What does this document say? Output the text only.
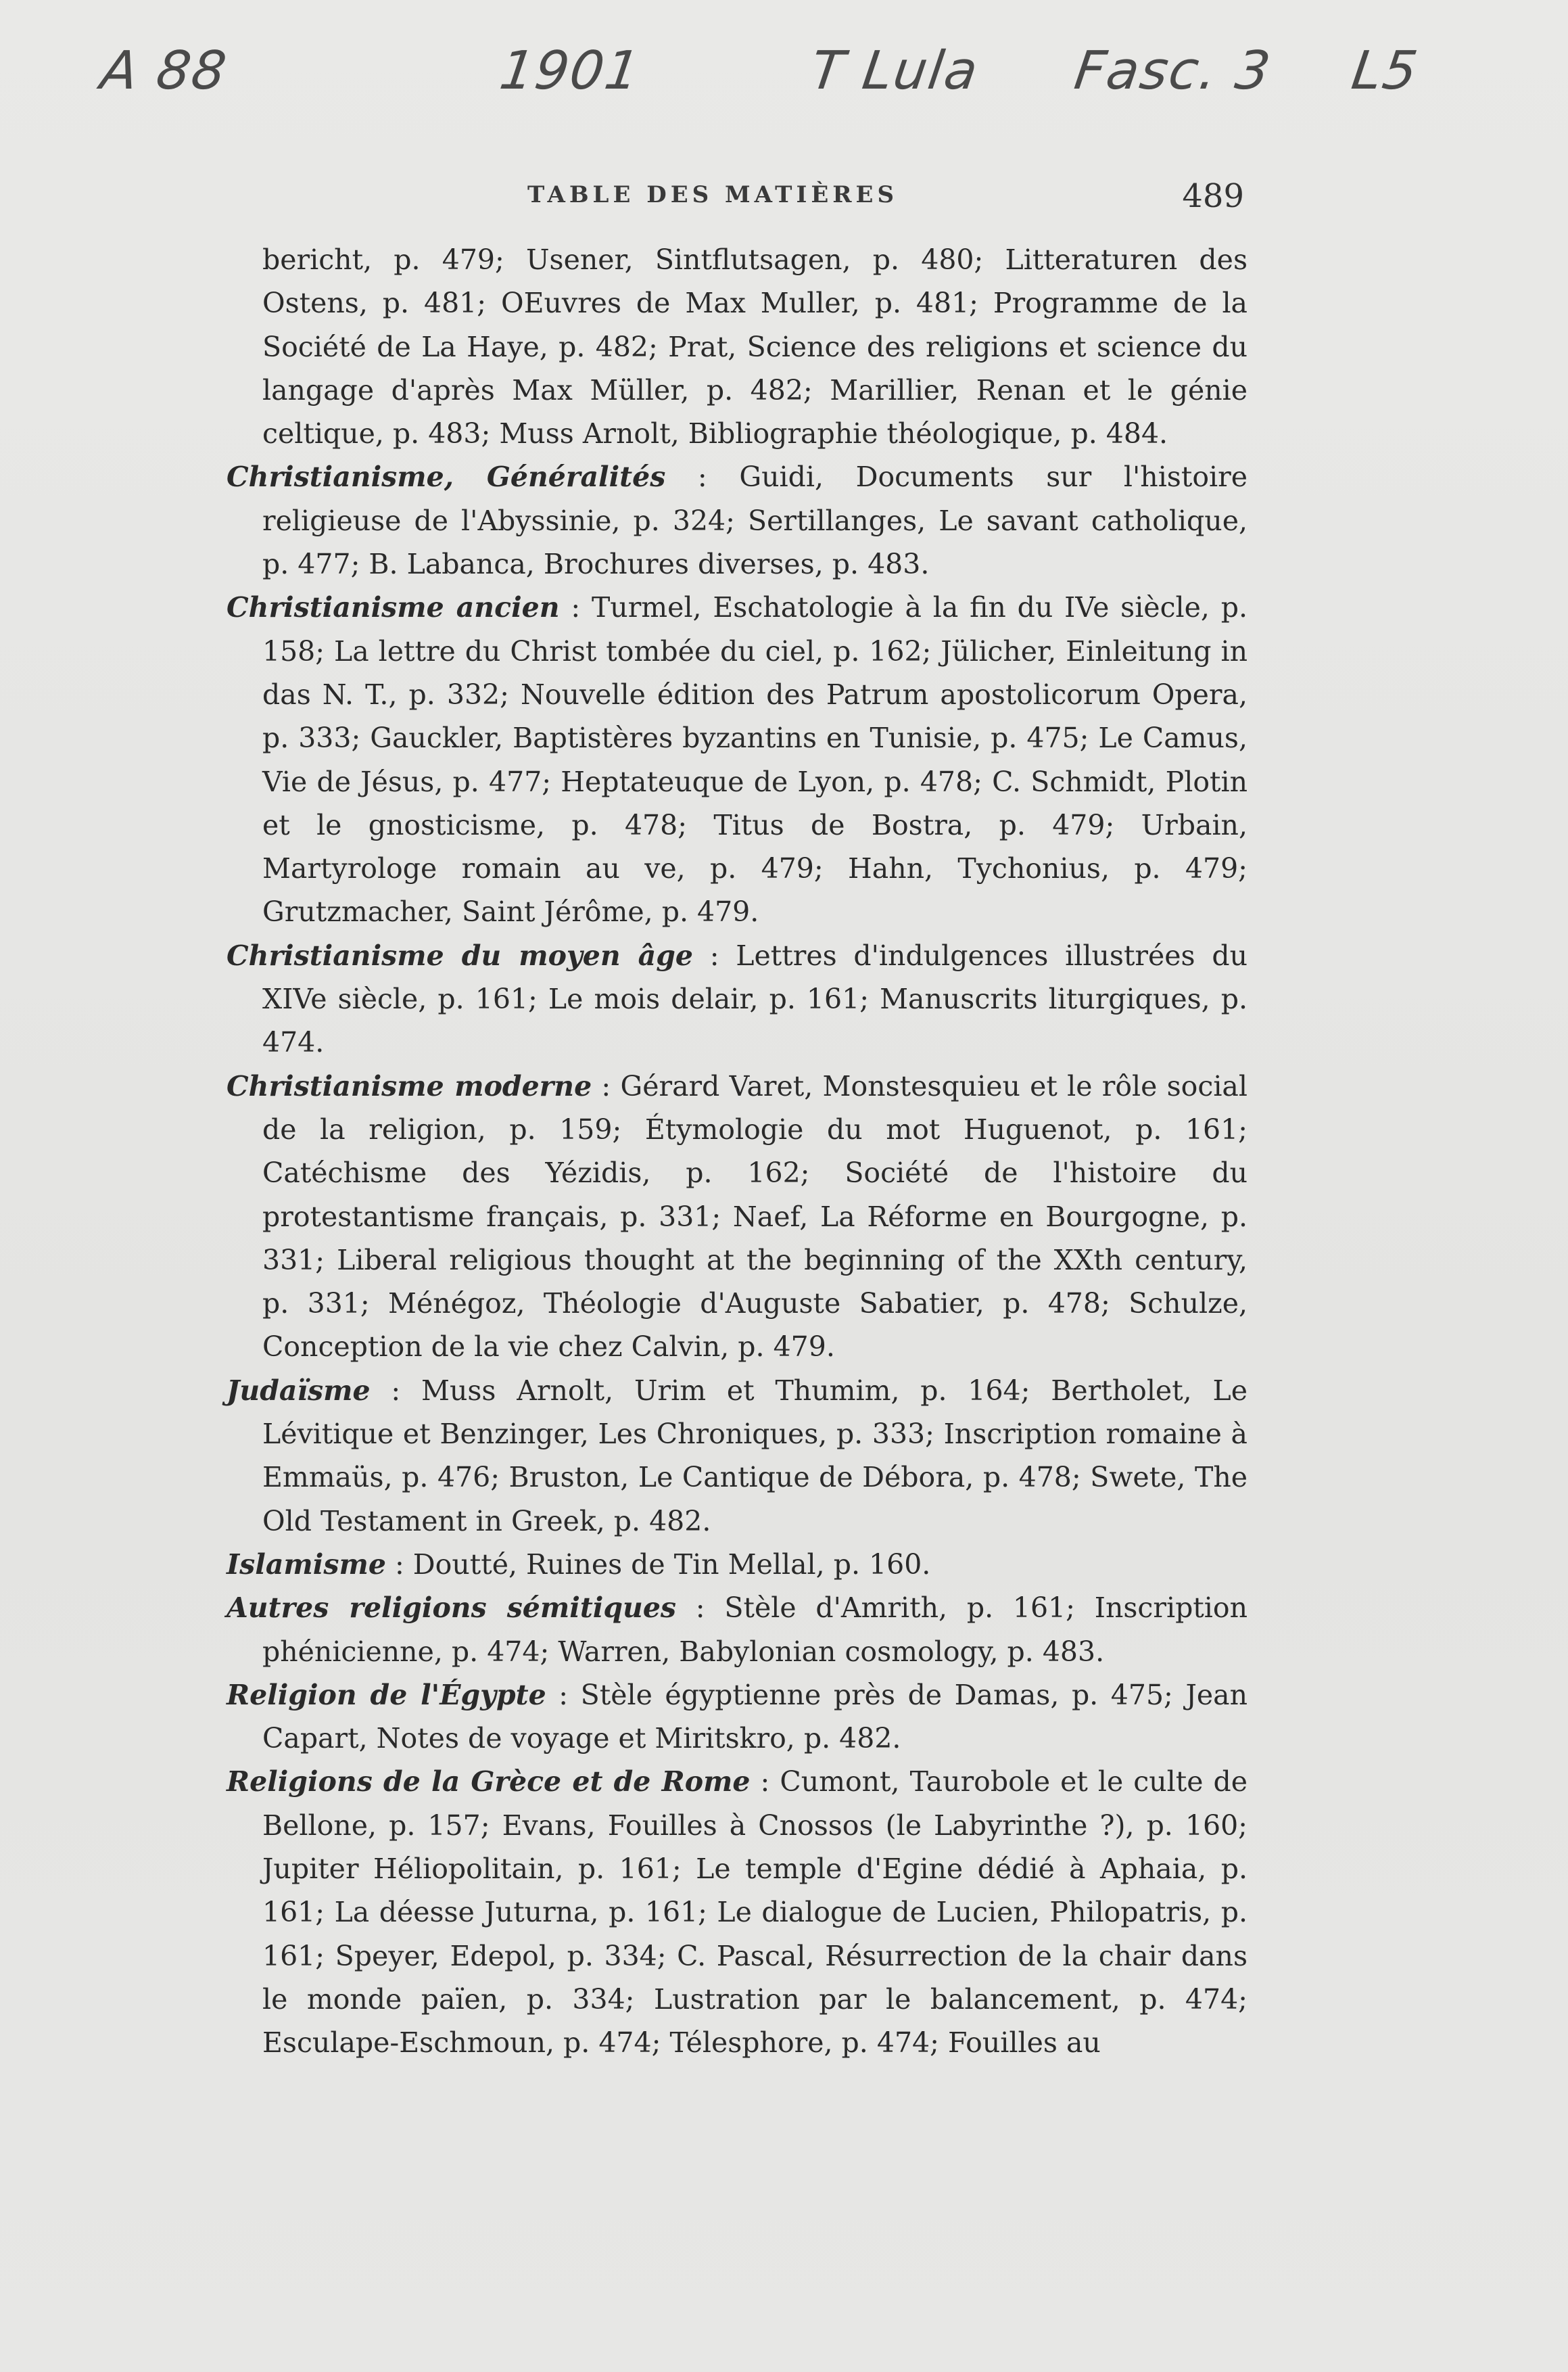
A 88	1901	T Lula Fasc. 3 L5
TABLE DES MATIÈRES	489

bericht, p. 479; Usener, Sintflutsagen, p. 480; Litteraturen des Ostens, p. 481; OEuvres de Max Muller, p. 481; Programme de la Société de La Haye, p. 482; Prat, Science des religions et science du langage d'après Max Müller, p. 482; Marillier, Renan et le génie celtique, p. 483; Muss Arnolt, Bibliographie théologique, p. 484.

Christianisme, Généralités : Guidi, Documents sur l'histoire religieuse de l'Abyssinie, p. 324; Sertillanges, Le savant catholique, p. 477; B. Labanca, Brochures diverses, p. 483.

Christianisme ancien : Turmel, Eschatologie à la fin du IVe siècle, p. 158; La lettre du Christ tombée du ciel, p. 162; Jülicher, Einleitung in das N. T., p. 332; Nouvelle édition des Patrum apostolicorum Opera, p. 333; Gauckler, Baptistères byzantins en Tunisie, p. 475; Le Camus, Vie de Jésus, p. 477; Heptateuque de Lyon, p. 478; C. Schmidt, Plotin et le gnosticisme, p. 478; Titus de Bostra, p. 479; Urbain, Martyrologe romain au ve, p. 479; Hahn, Tychonius, p. 479; Grutzmacher, Saint Jérôme, p. 479.

Christianisme du moyen âge : Lettres d'indulgences illustrées du XIVe siècle, p. 161; Le mois delair, p. 161; Manuscrits liturgiques, p. 474.

Christianisme moderne : Gérard Varet, Monstesquieu et le rôle social de la religion, p. 159; Étymologie du mot Huguenot, p. 161; Catéchisme des Yézidis, p. 162; Société de l'histoire du protestantisme français, p. 331; Naef, La Réforme en Bourgogne, p. 331; Liberal religious thought at the beginning of the XXth century, p. 331; Ménégoz, Théologie d'Auguste Sabatier, p. 478; Schulze, Conception de la vie chez Calvin, p. 479.

Judaïsme : Muss Arnolt, Urim et Thumim, p. 164; Bertholet, Le Lévitique et Benzinger, Les Chroniques, p. 333; Inscription romaine à Emmaüs, p. 476; Bruston, Le Cantique de Débora, p. 478; Swete, The Old Testament in Greek, p. 482.

Islamisme : Doutté, Ruines de Tin Mellal, p. 160.

Autres religions sémitiques : Stèle d'Amrith, p. 161; Inscription phénicienne, p. 474; Warren, Babylonian cosmology, p. 483.

Religion de l'Égypte : Stèle égyptienne près de Damas, p. 475; Jean Capart, Notes de voyage et Miritskro, p. 482.

Religions de la Grèce et de Rome : Cumont, Taurobole et le culte de Bellone, p. 157; Evans, Fouilles à Cnossos (le Labyrinthe ?), p. 160; Jupiter Héliopolitain, p. 161; Le temple d'Egine dédié à Aphaia, p. 161; La déesse Juturna, p. 161; Le dialogue de Lucien, Philopatris, p. 161; Speyer, Edepol, p. 334; C. Pascal, Résurrection de la chair dans le monde païen, p. 334; Lustration par le balancement, p. 474; Esculape-Eschmoun, p. 474; Télesphore, p. 474; Fouilles au
